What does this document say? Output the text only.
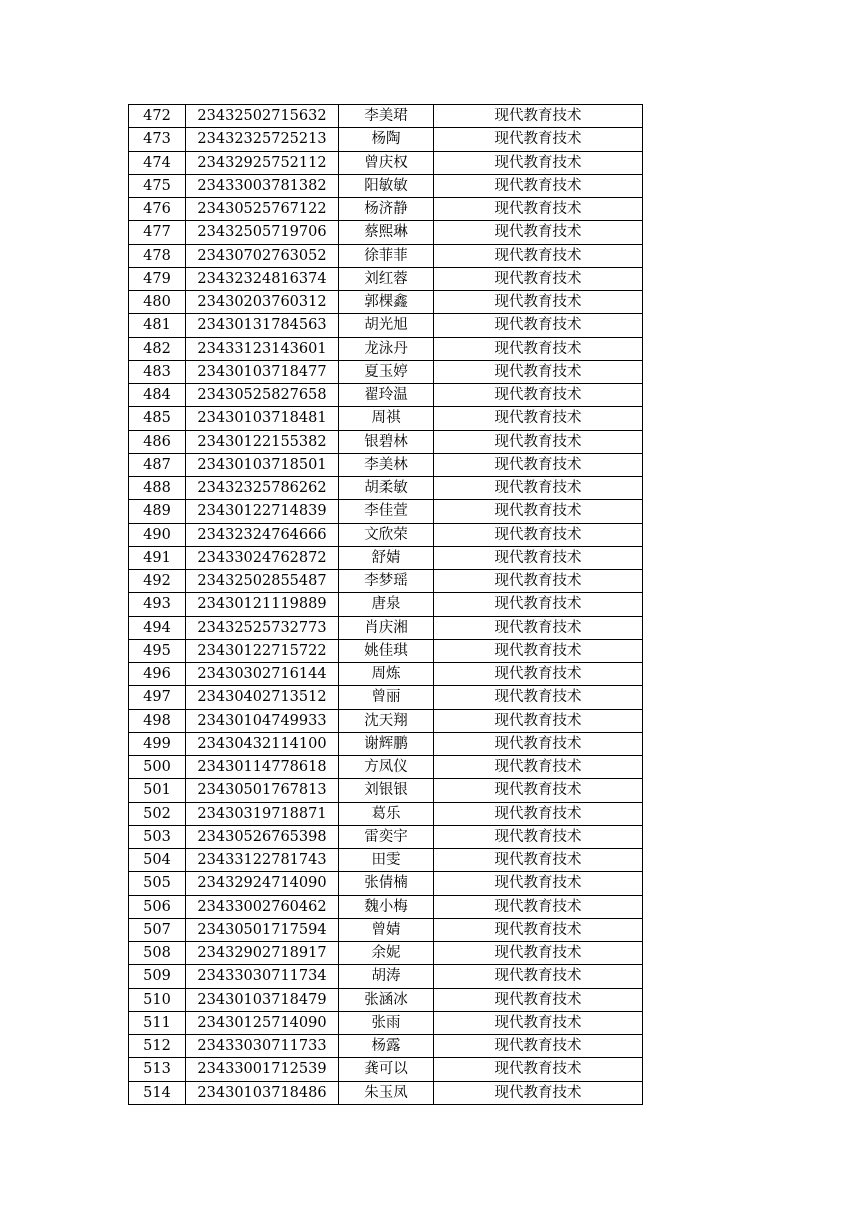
472	23432502715632	李美珺	现代教育技术
473	23432325725213	杨陶	现代教育技术
474	23432925752112	曾庆权	现代教育技术
475	23433003781382	阳敏敏	现代教育技术
476	23430525767122	杨济静	现代教育技术
477	23432505719706	蔡熙琳	现代教育技术
478	23430702763052	徐菲菲	现代教育技术
479	23432324816374	刘红蓉	现代教育技术
480	23430203760312	郭棵鑫	现代教育技术
481	23430131784563	胡光旭	现代教育技术
482	23433123143601	龙泳丹	现代教育技术
483	23430103718477	夏玉婷	现代教育技术
484	23430525827658	翟玲温	现代教育技术
485	23430103718481	周祺	现代教育技术
486	23430122155382	银碧林	现代教育技术
487	23430103718501	李美林	现代教育技术
488	23432325786262	胡柔敏	现代教育技术
489	23430122714839	李佳萱	现代教育技术
490	23432324764666	文欣荣	现代教育技术
491	23433024762872	舒婧	现代教育技术
492	23432502855487	李梦瑶	现代教育技术
493	23430121119889	唐泉	现代教育技术
494	23432525732773	肖庆湘	现代教育技术
495	23430122715722	姚佳琪	现代教育技术
496	23430302716144	周炼	现代教育技术
497	23430402713512	曾丽	现代教育技术
498	23430104749933	沈天翔	现代教育技术
499	23430432114100	谢辉鹏	现代教育技术
500	23430114778618	方凤仪	现代教育技术
501	23430501767813	刘银银	现代教育技术
502	23430319718871	葛乐	现代教育技术
503	23430526765398	雷奕宇	现代教育技术
504	23433122781743	田雯	现代教育技术
505	23432924714090	张倩楠	现代教育技术
506	23433002760462	魏小梅	现代教育技术
507	23430501717594	曾婧	现代教育技术
508	23432902718917	余妮	现代教育技术
509	23433030711734	胡涛	现代教育技术
510	23430103718479	张涵冰	现代教育技术
511	23430125714090	张雨	现代教育技术
512	23433030711733	杨露	现代教育技术
513	23433001712539	龚可以	现代教育技术
514	23430103718486	朱玉凤	现代教育技术
